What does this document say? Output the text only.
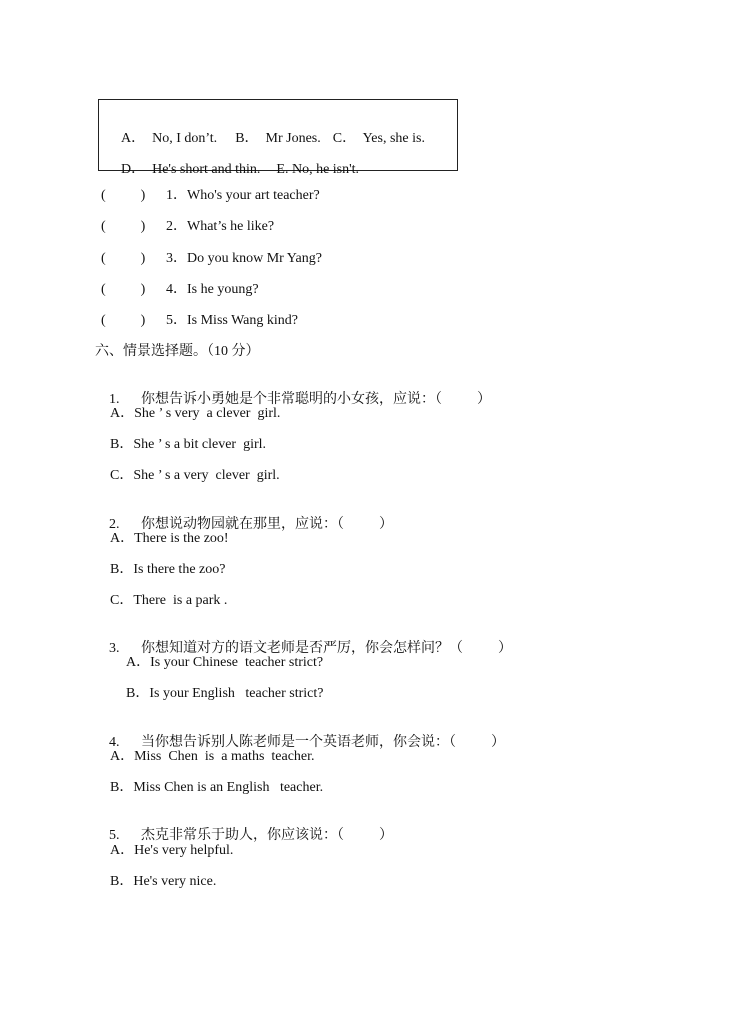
A．  No, I don’t. B．  Mr Jones. C．  Yes, she is.

D．  He's short and thin. E. No, he isn't.

(          ) 1．Who's your art teacher?
(          ) 2．What’s he like?
(          ) 3．Do you know Mr Yang?
(          ) 4．Is he young?
(          ) 5．Is Miss Wang kind?
六、情景选择题。（10 分）

1. 你想告诉小勇她是个非常聪明的小女孩，应说：（          ）

A．She ’ s very  a clever  girl.
B．She ’ s a bit clever  girl.
C．She ’ s a very  clever  girl.

2. 你想说动物园就在那里，应说：（          ）

A．There is the zoo!
B．Is there the zoo?
C．There  is a park .

3. 你想知道对方的语文老师是否严厉，你会怎样问？（          ）

A．Is your Chinese  teacher strict?
B．Is your English   teacher strict?

4. 当你想告诉别人陈老师是一个英语老师，你会说：（          ）

A．Miss  Chen  is  a maths  teacher.
B．Miss Chen is an English   teacher.

5. 杰克非常乐于助人，你应该说：（          ）

A．He's very helpful.
B．He's very nice.
